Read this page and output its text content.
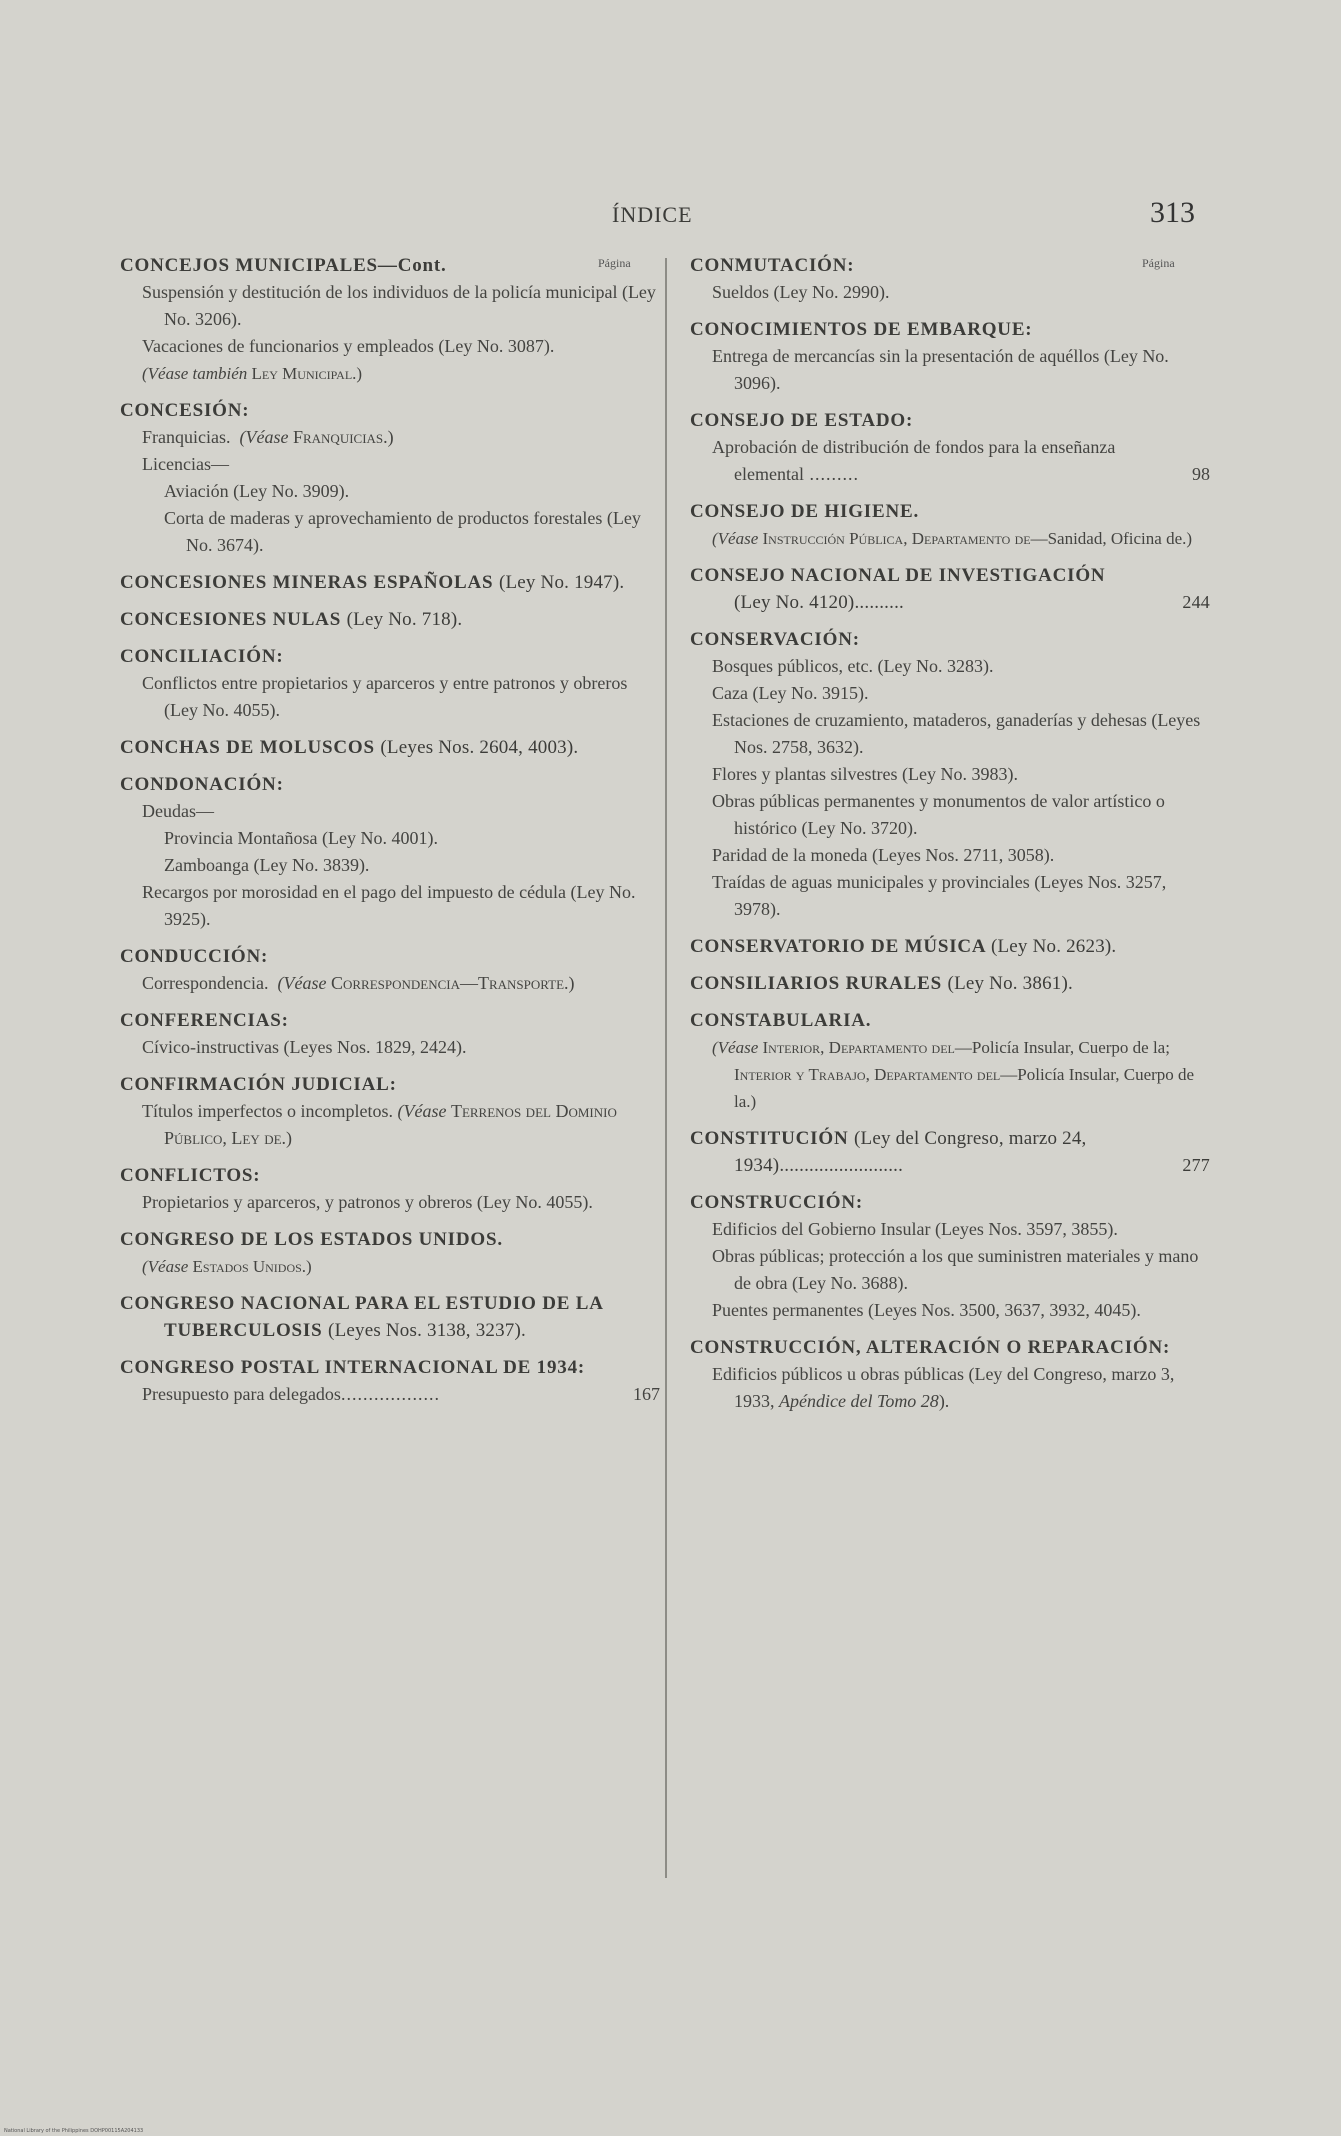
ÍNDICE	313
Página
CONCEJOS MUNICIPALES—Cont.
Suspensión y destitución de los individuos de la policía municipal (Ley No. 3206).
Vacaciones de funcionarios y empleados (Ley No. 3087).
(Véase también Ley Municipal.)
CONCESIÓN:
Franquicias. (Véase Franquicias.)
Licencias—
Aviación (Ley No. 3909).
Corta de maderas y aprovechamiento de productos forestales (Ley No. 3674).
CONCESIONES MINERAS ESPAÑOLAS (Ley No. 1947).
CONCESIONES NULAS (Ley No. 718).
CONCILIACIÓN:
Conflictos entre propietarios y aparceros y entre patronos y obreros (Ley No. 4055).
CONCHAS DE MOLUSCOS (Leyes Nos. 2604, 4003).
CONDONACIÓN:
Deudas—
Provincia Montañosa (Ley No. 4001).
Zamboanga (Ley No. 3839).
Recargos por morosidad en el pago del impuesto de cédula (Ley No. 3925).
CONDUCCIÓN:
Correspondencia. (Véase Correspondencia—Transporte.)
CONFERENCIAS:
Cívico-instructivas (Leyes Nos. 1829, 2424).
CONFIRMACIÓN JUDICIAL:
Títulos imperfectos o incompletos. (Véase Terrenos del Dominio Público, Ley de.)
CONFLICTOS:
Propietarios y aparceros, y patronos y obreros (Ley No. 4055).
CONGRESO DE LOS ESTADOS UNIDOS.
(Véase Estados Unidos.)
CONGRESO NACIONAL PARA EL ESTUDIO DE LA TUBERCULOSIS (Leyes Nos. 3138, 3237).
CONGRESO POSTAL INTERNACIONAL DE 1934:
Presupuesto para delegados..................	167
Página
CONMUTACIÓN:
Sueldos (Ley No. 2990).
CONOCIMIENTOS DE EMBARQUE:
Entrega de mercancías sin la presentación de aquéllos (Ley No. 3096).
CONSEJO DE ESTADO:
Aprobación de distribución de fondos para la enseñanza elemental .........	98
CONSEJO DE HIGIENE.
(Véase Instrucción Pública, Departamento de—Sanidad, Oficina de.)
CONSEJO NACIONAL DE INVESTIGACIÓN (Ley No. 4120)..........	244
CONSERVACIÓN:
Bosques públicos, etc. (Ley No. 3283).
Caza (Ley No. 3915).
Estaciones de cruzamiento, mataderos, ganaderías y dehesas (Leyes Nos. 2758, 3632).
Flores y plantas silvestres (Ley No. 3983).
Obras públicas permanentes y monumentos de valor artístico o histórico (Ley No. 3720).
Paridad de la moneda (Leyes Nos. 2711, 3058).
Traídas de aguas municipales y provinciales (Leyes Nos. 3257, 3978).
CONSERVATORIO DE MÚSICA (Ley No. 2623).
CONSILIARIOS RURALES (Ley No. 3861).
CONSTABULARIA.
(Véase Interior, Departamento del—Policía Insular, Cuerpo de la; Interior y Trabajo, Departamento del—Policía Insular, Cuerpo de la.)
CONSTITUCIÓN (Ley del Congreso, marzo 24, 1934).........................	277
CONSTRUCCIÓN:
Edificios del Gobierno Insular (Leyes Nos. 3597, 3855).
Obras públicas; protección a los que suministren materiales y mano de obra (Ley No. 3688).
Puentes permanentes (Leyes Nos. 3500, 3637, 3932, 4045).
CONSTRUCCIÓN, ALTERACIÓN O REPARACIÓN:
Edificios públicos u obras públicas (Ley del Congreso, marzo 3, 1933, Apéndice del Tomo 28).
National Library of the Philippines DOHP00115A204133
